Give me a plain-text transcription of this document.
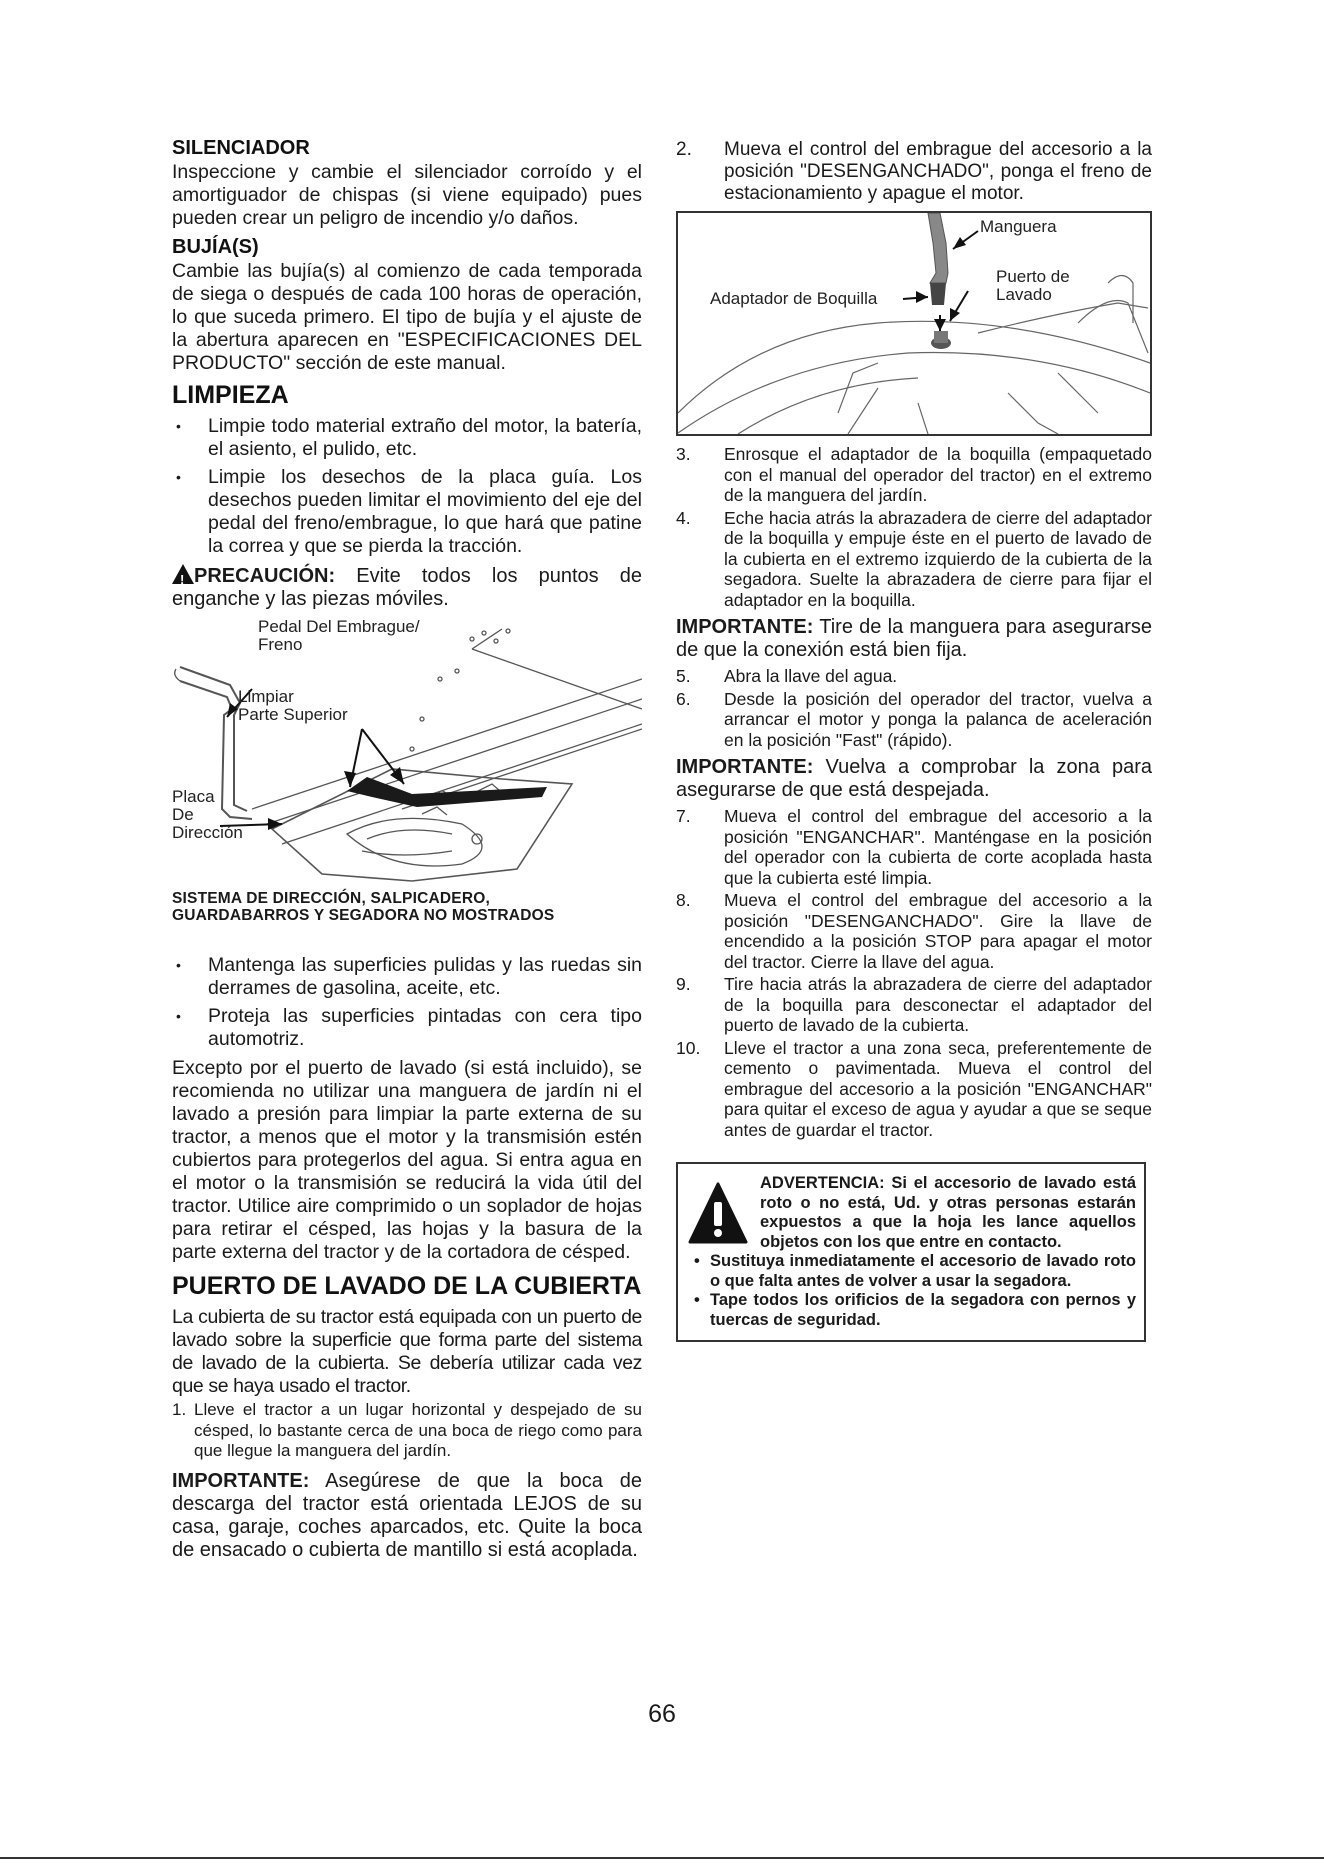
SILENCIADOR

Inspeccione y cambie el silenciador corroído y el amortiguador de chispas (si viene equipado) pues pueden crear un peligro de incendio y/o daños.

BUJÍA(S)

Cambie las bujía(s) al comienzo de cada temporada de siega o después de cada 100 horas de operación, lo que suceda primero. El tipo de bujía y el ajuste de la abertura aparecen en "ESPECIFICACIONES DEL PRODUCTO" sección de este manual.

LIMPIEZA
• Limpie todo material extraño del motor, la batería, el asiento, el pulido, etc.
• Limpie los desechos de la placa guía. Los desechos pueden limitar el movimiento del eje del pedal del freno/embrague, lo que hará que patine la correa y que se pierda la tracción.

!PRECAUCIÓN: Evite todos los puntos de enganche y las piezas móviles.

Pedal Del Embrague/
Freno
Limpiar
Parte Superior
Placa
De
Dirección
SISTEMA DE DIRECCIÓN, SALPICADERO,
GUARDABARROS Y SEGADORA NO MOSTRADOS
• Mantenga las superficies pulidas y las ruedas sin derrames de gasolina, aceite, etc.
• Proteja las superficies pintadas con cera tipo automotriz.

Excepto por el puerto de lavado (si está incluido), se recomienda no utilizar una manguera de jardín ni el lavado a presión para limpiar la parte externa de su tractor, a menos que el motor y la transmisión estén cubiertos para protegerlos del agua. Si entra agua en el motor o la transmisión se reducirá la vida útil del tractor. Utilice aire comprimido o un soplador de hojas para retirar el césped, las hojas y la basura de la parte externa del tractor y de la cortadora de césped.

PUERTO DE LAVADO DE LA CUBIERTA

La cubierta de su tractor está equipada con un puerto de lavado sobre la superficie que forma parte del sistema de lavado de la cubierta. Se debería utilizar cada vez que se haya usado el tractor.

1. Lleve el tractor a un lugar horizontal y despejado de su césped, lo bastante cerca de una boca de riego como para que llegue la manguera del jardín.

IMPORTANTE: Asegúrese de que la boca de descarga del tractor está orientada LEJOS de su casa, garaje, coches aparcados, etc. Quite la boca de ensacado o cubierta de mantillo si está acoplada.

2. Mueva el control del embrague del accesorio a la posición "DESENGANCHADO", ponga el freno de estacionamiento y apague el motor.
Manguera
Adaptador de Boquilla
Puerto de
Lavado
3. Enrosque el adaptador de la boquilla (empaquetado con el manual del operador del tractor) en el extremo de la manguera del jardín.
4. Eche hacia atrás la abrazadera de cierre del adaptador de la boquilla y empuje éste en el puerto de lavado de la cubierta en el extremo izquierdo de la cubierta de la segadora. Suelte la abrazadera de cierre para fijar el adaptador en la boquilla.

IMPORTANTE: Tire de la manguera para asegurarse de que la conexión está bien fija.

5. Abra la llave del agua.
6. Desde la posición del operador del tractor, vuelva a arrancar el motor y ponga la palanca de aceleración en la posición "Fast" (rápido).

IMPORTANTE: Vuelva a comprobar la zona para asegurarse de que está despejada.

7. Mueva el control del embrague del accesorio a la posición "ENGANCHAR". Manténgase en la posición del operador con la cubierta de corte acoplada hasta que la cubierta esté limpia.
8. Mueva el control del embrague del accesorio a la posición "DESENGANCHADO". Gire la llave de encendido a la posición STOP para apagar el motor del tractor. Cierre la llave del agua.
9. Tire hacia atrás la abrazadera de cierre del adaptador de la boquilla para desconectar el adaptador del puerto de lavado de la cubierta.
10. Lleve el tractor a una zona seca, preferentemente de cemento o pavimentada. Mueva el control del embrague del accesorio a la posición "ENGANCHAR" para quitar el exceso de agua y ayudar a que se seque antes de guardar el tractor.
ADVERTENCIA: Si el accesorio de lavado está roto o no está, Ud. y otras personas estarán expuestos a que la hoja les lance aquellos objetos con los que entre en contacto.
• Sustituya inmediatamente el accesorio de lavado roto o que falta antes de volver a usar la segadora.
• Tape todos los orificios de la segadora con pernos y tuercas de seguridad.
66
